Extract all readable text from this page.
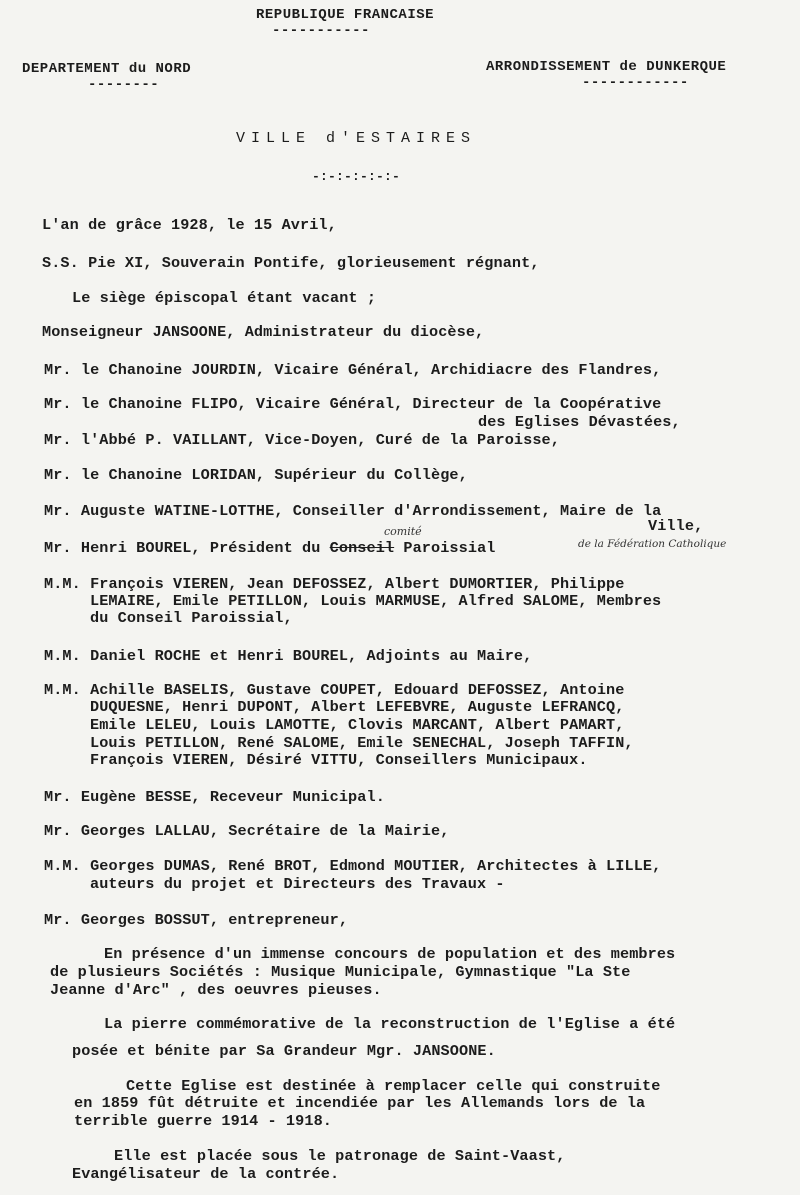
REPUBLIQUE FRANCAISE
-----------
DEPARTEMENT du NORD
--------
ARRONDISSEMENT de DUNKERQUE
------------
VILLE d'ESTAIRES
-:-:-:-:-:-
L'an de grâce 1928, le 15 Avril,
S.S. Pie XI, Souverain Pontife, glorieusement régnant,
Le siège épiscopal étant vacant ;
Monseigneur JANSOONE, Administrateur du diocèse,
Mr. le Chanoine JOURDIN, Vicaire Général, Archidiacre des Flandres,
Mr. le Chanoine FLIPO, Vicaire Général, Directeur de la Coopérative
des Eglises Dévastées,
Mr. l'Abbé P. VAILLANT, Vice-Doyen, Curé de la Paroisse,
Mr. le Chanoine LORIDAN, Supérieur du Collège,
Mr. Auguste WATINE-LOTTHE, Conseiller d'Arrondissement, Maire de la
Ville,
Mr. Henri BOUREL, Président du Conseil Paroissial
comité
de la Fédération Catholique
M.M. François VIEREN, Jean DEFOSSEZ, Albert DUMORTIER, Philippe
LEMAIRE, Emile PETILLON, Louis MARMUSE, Alfred SALOME, Membres
du Conseil Paroissial,
M.M. Daniel ROCHE et Henri BOUREL, Adjoints au Maire,
M.M. Achille BASELIS, Gustave COUPET, Edouard DEFOSSEZ, Antoine
DUQUESNE, Henri DUPONT, Albert LEFEBVRE, Auguste LEFRANCQ,
Emile LELEU, Louis LAMOTTE, Clovis MARCANT, Albert PAMART,
Louis PETILLON, René SALOME, Emile SENECHAL, Joseph TAFFIN,
François VIEREN, Désiré VITTU, Conseillers Municipaux.
Mr. Eugène BESSE, Receveur Municipal.
Mr. Georges LALLAU, Secrétaire de la Mairie,
M.M. Georges DUMAS, René BROT, Edmond MOUTIER, Architectes à LILLE,
auteurs du projet et Directeurs des Travaux -
Mr. Georges BOSSUT, entrepreneur,
En présence d'un immense concours de population et des membres
de plusieurs Sociétés : Musique Municipale, Gymnastique "La Ste
Jeanne d'Arc" , des oeuvres pieuses.
La pierre commémorative de la reconstruction de l'Eglise a été
posée et bénite par Sa Grandeur Mgr. JANSOONE.
Cette Eglise est destinée à remplacer celle qui construite
en 1859 fût détruite et incendiée par les Allemands lors de la
terrible guerre 1914 - 1918.
Elle est placée sous le patronage de Saint-Vaast,
Evangélisateur de la contrée.
